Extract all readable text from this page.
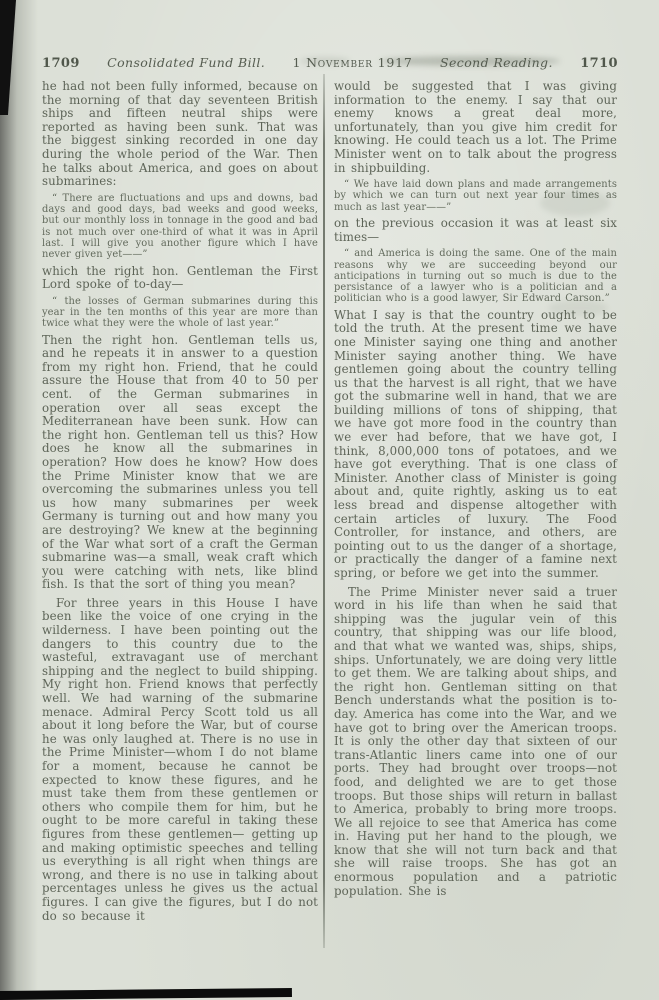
1709 Consolidated Fund Bill. 1 November 1917 Second Reading. 1710

he had not been fully informed, because on the morning of that day seventeen British ships and fifteen neutral ships were reported as having been sunk. That was the biggest sinking recorded in one day during the whole period of the War. Then he talks about America, and goes on about submarines:

“ There are fluctuations and ups and downs, bad days and good days, bad weeks and good weeks, but our monthly loss in tonnage in the good and bad is not much over one-third of what it was in April last. I will give you another figure which I have never given yet——”

which the right hon. Gentleman the First Lord spoke of to-day—

“ the losses of German submarines during this year in the ten months of this year are more than twice what they were the whole of last year.”

Then the right hon. Gentleman tells us, and he repeats it in answer to a question from my right hon. Friend, that he could assure the House that from 40 to 50 per cent. of the German submarines in operation over all seas except the Mediterranean have been sunk. How can the right hon. Gentleman tell us this? How does he know all the submarines in operation? How does he know? How does the Prime Minister know that we are overcoming the submarines unless you tell us how many submarines per week Germany is turning out and how many you are destroying? We knew at the beginning of the War what sort of a craft the German submarine was—a small, weak craft which you were catching with nets, like blind fish. Is that the sort of thing you mean?

For three years in this House I have been like the voice of one crying in the wilderness. I have been pointing out the dangers to this country due to the wasteful, extravagant use of merchant shipping and the neglect to build shipping. My right hon. Friend knows that perfectly well. We had warning of the submarine menace. Admiral Percy Scott told us all about it long before the War, but of course he was only laughed at. There is no use in the Prime Minister—whom I do not blame for a moment, because he cannot be expected to know these figures, and he must take them from these gentlemen or others who compile them for him, but he ought to be more careful in taking these figures from these gentlemen— getting up and making optimistic speeches and telling us everything is all right when things are wrong, and there is no use in talking about percentages unless he gives us the actual figures. I can give the figures, but I do not do so because it

would be suggested that I was giving information to the enemy. I say that our enemy knows a great deal more, unfortunately, than you give him credit for knowing. He could teach us a lot. The Prime Minister went on to talk about the progress in shipbuilding.

“ We have laid down plans and made arrangements by which we can turn out next year four times as much as last year——”

on the previous occasion it was at least six times—

“ and America is doing the same. One of the main reasons why we are succeeding beyond our anticipations in turning out so much is due to the persistance of a lawyer who is a politician and a politician who is a good lawyer, Sir Edward Carson.”

What I say is that the country ought to be told the truth. At the present time we have one Minister saying one thing and another Minister saying another thing. We have gentlemen going about the country telling us that the harvest is all right, that we have got the submarine well in hand, that we are building millions of tons of shipping, that we have got more food in the country than we ever had before, that we have got, I think, 8,000,000 tons of potatoes, and we have got everything. That is one class of Minister. Another class of Minister is going about and, quite rightly, asking us to eat less bread and dispense altogether with certain articles of luxury. The Food Controller, for instance, and others, are pointing out to us the danger of a shortage, or practically the danger of a famine next spring, or before we get into the summer.

The Prime Minister never said a truer word in his life than when he said that shipping was the jugular vein of this country, that shipping was our life blood, and that what we wanted was, ships, ships, ships. Unfortunately, we are doing very little to get them. We are talking about ships, and the right hon. Gentleman sitting on that Bench understands what the position is to-day. America has come into the War, and we have got to bring over the American troops. It is only the other day that sixteen of our trans-Atlantic liners came into one of our ports. They had brought over troops—not food, and delighted we are to get those troops. But those ships will return in ballast to America, probably to bring more troops. We all rejoice to see that America has come in. Having put her hand to the plough, we know that she will not turn back and that she will raise troops. She has got an enormous population and a patriotic population. She is
